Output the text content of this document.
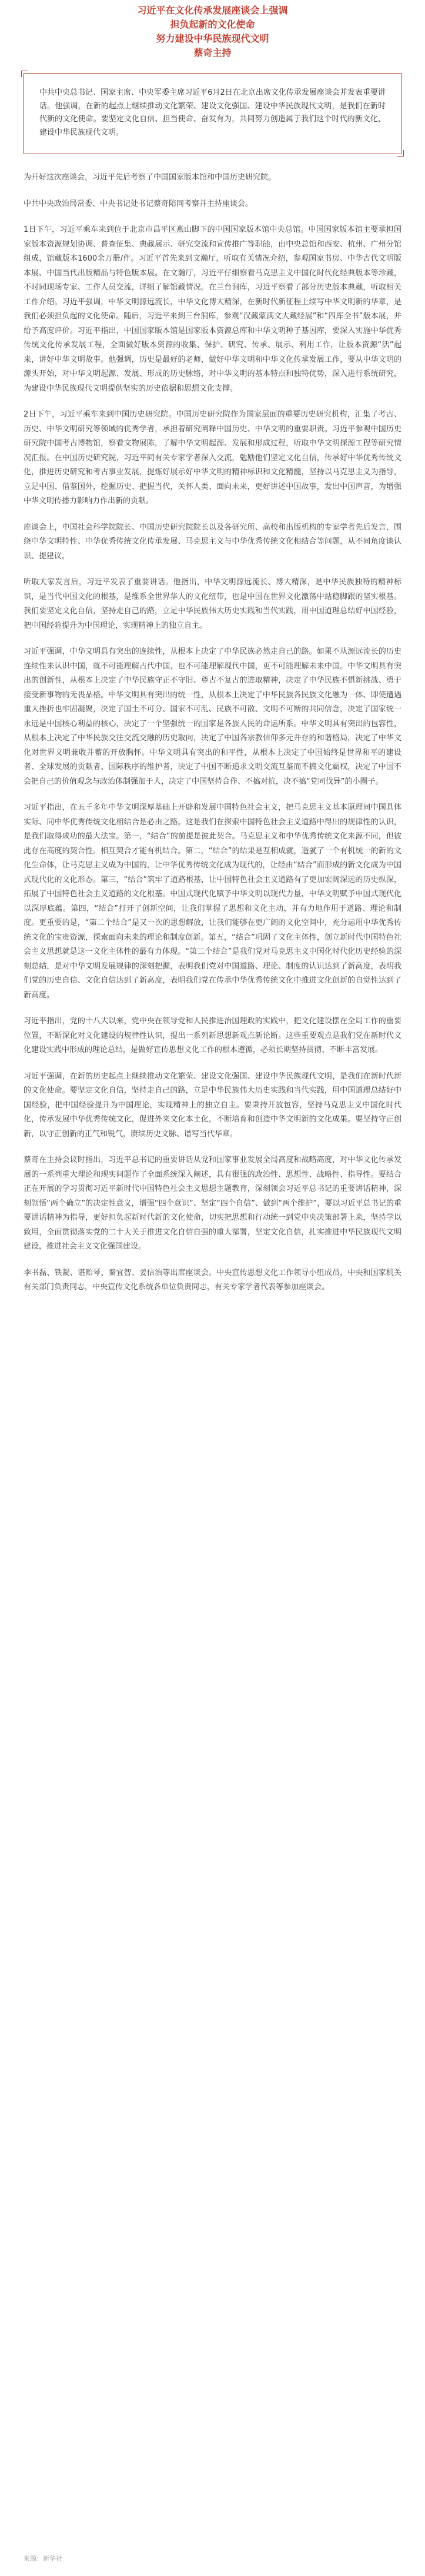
习近平在文化传承发展座谈会上强调
担负起新的文化使命
努力建设中华民族现代文明
蔡奇主持
中共中央总书记、国家主席、中央军委主席习近平6月2日在北京出席文化传承发展座谈会并发表重要讲话。他强调，在新的起点上继续推动文化繁荣、建设文化强国、建设中华民族现代文明，是我们在新时代新的文化使命。要坚定文化自信、担当使命、奋发有为，共同努力创造属于我们这个时代的新文化，建设中华民族现代文明。

为开好这次座谈会，习近平先后考察了中国国家版本馆和中国历史研究院。

中共中央政治局常委、中央书记处书记蔡奇陪同考察并主持座谈会。

1日下午，习近平乘车来到位于北京市昌平区燕山脚下的中国国家版本馆中央总馆。中国国家版本馆主要承担国家版本资源规划协调、普查征集、典藏展示、研究交流和宣传推广等职能，由中央总馆和西安、杭州、广州分馆组成，馆藏版本1600余万册/件。习近平首先来到文瀚厅，听取有关情况介绍，参观国家书房、中华古代文明版本展、中国当代出版精品与特色版本展。在文瀚厅，习近平仔细察看马克思主义中国化时代化经典版本等珍藏，不时同现场专家、工作人员交流，详细了解馆藏情况。在兰台洞库，习近平察看了部分历史版本典藏，听取相关工作介绍。习近平强调，中华文明源远流长，中华文化博大精深，在新时代新征程上续写中华文明新的华章，是我们必须担负起的文化使命。随后，习近平来到三台洞库，参观“汉藏蒙满文大藏经展”和“四库全书”版本展，并给予高度评价。习近平指出，中国国家版本馆是国家版本资源总库和中华文明种子基因库，要深入实施中华优秀传统文化传承发展工程，全面做好版本资源的收集、保护、研究、传承、展示、利用工作，让版本资源“活”起来，讲好中华文明故事。他强调，历史是最好的老师，做好中华文明和中华文化传承发展工作，要从中华文明的源头开始，对中华文明起源、发展、形成的历史脉络，对中华文明的基本特点和独特优势，深入进行系统研究，为建设中华民族现代文明提供坚实的历史依据和思想文化支撑。

2日下午，习近平乘车来到中国历史研究院。中国历史研究院作为国家层面的重要历史研究机构，汇集了考古、历史、中华文明研究等领域的优秀学者，承担着研究阐释中国历史、中华文明的重要职责。习近平参观中国历史研究院中国考古博物馆，察看文物展陈，了解中华文明起源、发展和形成过程，听取中华文明探源工程等研究情况汇报。在中国历史研究院，习近平同有关专家学者深入交流，勉励他们坚定文化自信，传承好中华优秀传统文化，推进历史研究和考古事业发展，提炼好展示好中华文明的精神标识和文化精髓，坚持以马克思主义为指导，立足中国、借鉴国外，挖掘历史、把握当代，关怀人类、面向未来，更好讲述中国故事，发出中国声音，为增强中华文明传播力影响力作出新的贡献。

座谈会上，中国社会科学院院长、中国历史研究院院长以及各研究所、高校和出版机构的专家学者先后发言，围绕中华文明特性、中华优秀传统文化传承发展、马克思主义与中华优秀传统文化相结合等问题，从不同角度谈认识、提建议。

听取大家发言后，习近平发表了重要讲话。他指出，中华文明源远流长、博大精深，是中华民族独特的精神标识，是当代中国文化的根基，是维系全世界华人的文化纽带，也是中国在世界文化激荡中站稳脚跟的坚实根基。我们要坚定文化自信，坚持走自己的路，立足中华民族伟大历史实践和当代实践，用中国道理总结好中国经验，把中国经验提升为中国理论，实现精神上的独立自主。

习近平强调，中华文明具有突出的连续性，从根本上决定了中华民族必然走自己的路。如果不从源远流长的历史连续性来认识中国，就不可能理解古代中国，也不可能理解现代中国，更不可能理解未来中国。中华文明具有突出的创新性，从根本上决定了中华民族守正不守旧、尊古不复古的进取精神，决定了中华民族不惧新挑战、勇于接受新事物的无畏品格。中华文明具有突出的统一性，从根本上决定了中华民族各民族文化融为一体、即使遭遇重大挫折也牢固凝聚，决定了国土不可分、国家不可乱、民族不可散、文明不可断的共同信念，决定了国家统一永远是中国核心利益的核心，决定了一个坚强统一的国家是各族人民的命运所系。中华文明具有突出的包容性，从根本上决定了中华民族交往交流交融的历史取向，决定了中国各宗教信仰多元并存的和谐格局，决定了中华文化对世界文明兼收并蓄的开放胸怀。中华文明具有突出的和平性，从根本上决定了中国始终是世界和平的建设者、全球发展的贡献者、国际秩序的维护者，决定了中国不断追求文明交流互鉴而不搞文化霸权，决定了中国不会把自己的价值观念与政治体制强加于人，决定了中国坚持合作、不搞对抗，决不搞“党同伐异”的小圈子。

习近平指出，在五千多年中华文明深厚基础上开辟和发展中国特色社会主义，把马克思主义基本原理同中国具体实际、同中华优秀传统文化相结合是必由之路。这是我们在探索中国特色社会主义道路中得出的规律性的认识，是我们取得成功的最大法宝。第一，“结合”的前提是彼此契合。马克思主义和中华优秀传统文化来源不同，但彼此存在高度的契合性。相互契合才能有机结合。第二，“结合”的结果是互相成就，造就了一个有机统一的新的文化生命体，让马克思主义成为中国的，让中华优秀传统文化成为现代的，让经由“结合”而形成的新文化成为中国式现代化的文化形态。第三，“结合”筑牢了道路根基，让中国特色社会主义道路有了更加宏阔深远的历史纵深，拓展了中国特色社会主义道路的文化根基。中国式现代化赋予中华文明以现代力量，中华文明赋予中国式现代化以深厚底蕴。第四，“结合”打开了创新空间，让我们掌握了思想和文化主动，并有力地作用于道路、理论和制度。更重要的是，“第二个结合”是又一次的思想解放，让我们能够在更广阔的文化空间中，充分运用中华优秀传统文化的宝贵资源，探索面向未来的理论和制度创新。第五，“结合”巩固了文化主体性，创立新时代中国特色社会主义思想就是这一文化主体性的最有力体现。“第二个结合”是我们党对马克思主义中国化时代化历史经验的深刻总结，是对中华文明发展规律的深刻把握，表明我们党对中国道路、理论、制度的认识达到了新高度，表明我们党的历史自信、文化自信达到了新高度，表明我们党在传承中华优秀传统文化中推进文化创新的自觉性达到了新高度。

习近平指出，党的十八大以来，党中央在领导党和人民推进治国理政的实践中，把文化建设摆在全局工作的重要位置，不断深化对文化建设的规律性认识，提出一系列新思想新观点新论断。这些重要观点是我们党在新时代文化建设实践中形成的理论总结，是做好宣传思想文化工作的根本遵循，必须长期坚持贯彻、不断丰富发展。

习近平强调，在新的历史起点上继续推动文化繁荣、建设文化强国、建设中华民族现代文明，是我们在新时代新的文化使命。要坚定文化自信，坚持走自己的路，立足中华民族伟大历史实践和当代实践，用中国道理总结好中国经验，把中国经验提升为中国理论，实现精神上的独立自主。要秉持开放包容，坚持马克思主义中国化时代化，传承发展中华优秀传统文化，促进外来文化本土化，不断培育和创造中华文明新的文化成果。要坚持守正创新，以守正创新的正气和锐气，赓续历史文脉、谱写当代华章。

蔡奇在主持会议时指出，习近平总书记的重要讲话从党和国家事业发展全局高度和战略高度，对中华文化传承发展的一系列重大理论和现实问题作了全面系统深入阐述，具有很强的政治性、思想性、战略性、指导性。要结合正在开展的学习贯彻习近平新时代中国特色社会主义思想主题教育，深刻领会习近平总书记的重要讲话精神，深刻领悟“两个确立”的决定性意义，增强“四个意识”、坚定“四个自信”、做到“两个维护”，要以习近平总书记的重要讲话精神为指导，更好担负起新时代新的文化使命，切实把思想和行动统一到党中央决策部署上来，坚持学以致用，全面贯彻落实党的二十大关于推进文化自信自强的重大部署，坚定文化自信，扎实推进中华民族现代文明建设，推进社会主义文化强国建设。

李书磊、铁凝、谌贻琴、秦宜智、姜信治等出席座谈会。中央宣传思想文化工作领导小组成员，中央和国家机关有关部门负责同志，中央宣传文化系统各单位负责同志，有关专家学者代表等参加座谈会。

来源：新华社
